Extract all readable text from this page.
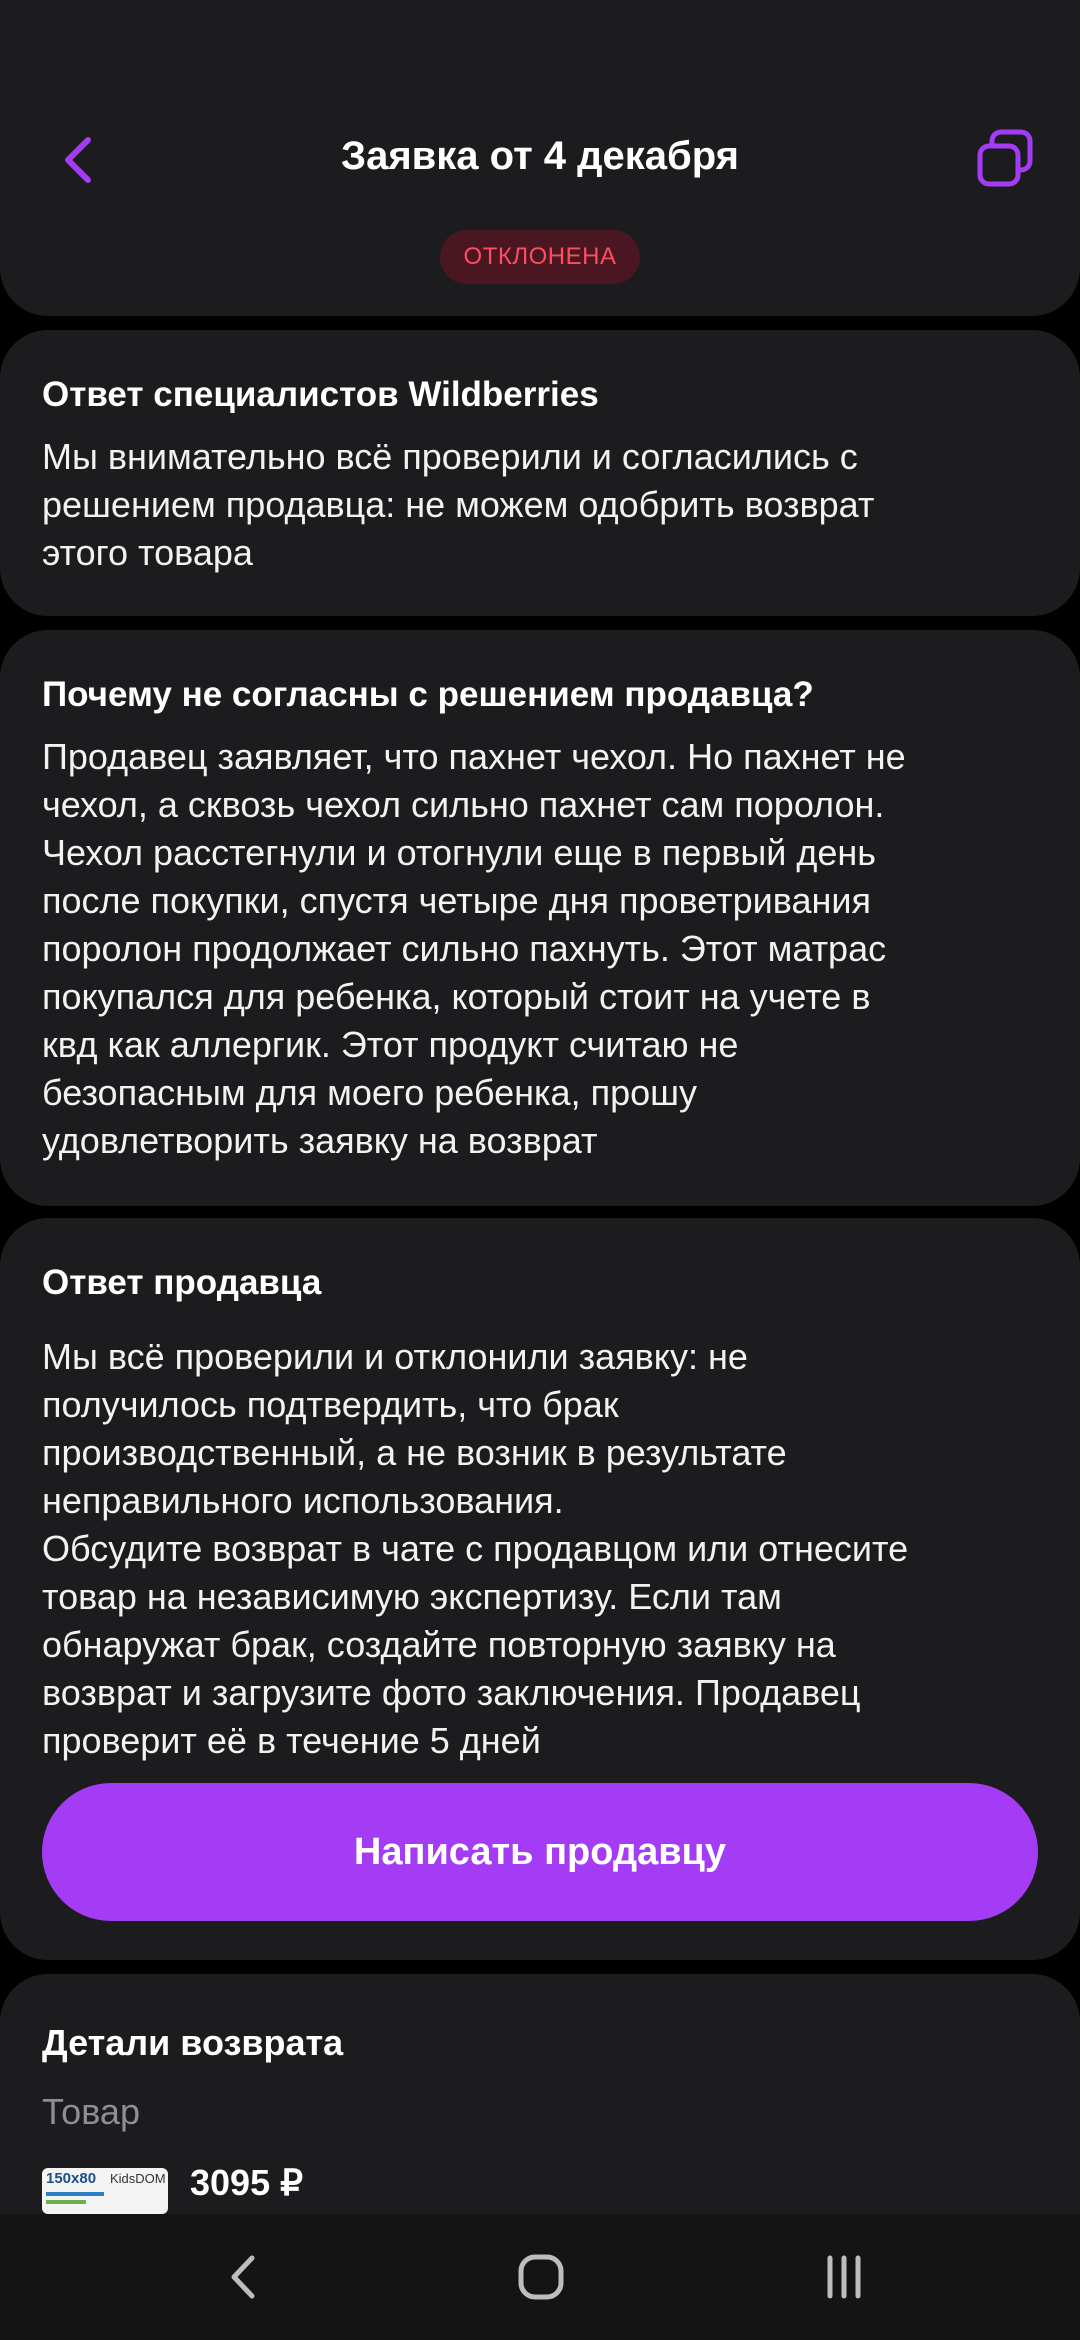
Заявка от 4 декабря
ОТКЛОНЕНА
Ответ специалистов Wildberries
Мы внимательно всё проверили и согласились с
решением продавца: не можем одобрить возврат
этого товара
Почему не согласны с решением продавца?
Продавец заявляет, что пахнет чехол. Но пахнет не
чехол, а сквозь чехол сильно пахнет сам поролон.
Чехол расстегнули и отогнули еще в первый день
после покупки, спустя четыре дня проветривания
поролон продолжает сильно пахнуть. Этот матрас
покупался для ребенка, который стоит на учете в
квд как аллергик. Этот продукт считаю не
безопасным для моего ребенка, прошу
удовлетворить заявку на возврат
Ответ продавца
Мы всё проверили и отклонили заявку: не
получилось подтвердить, что брак
производственный, а не возник в результате
неправильного использования.
Обсудите возврат в чате с продавцом или отнесите
товар на независимую экспертизу. Если там
обнаружат брак, создайте повторную заявку на
возврат и загрузите фото заключения. Продавец
проверит её в течение 5 дней
Написать продавцу
Детали возврата
Товар
150x80 KidsDOM 3095 ₽
